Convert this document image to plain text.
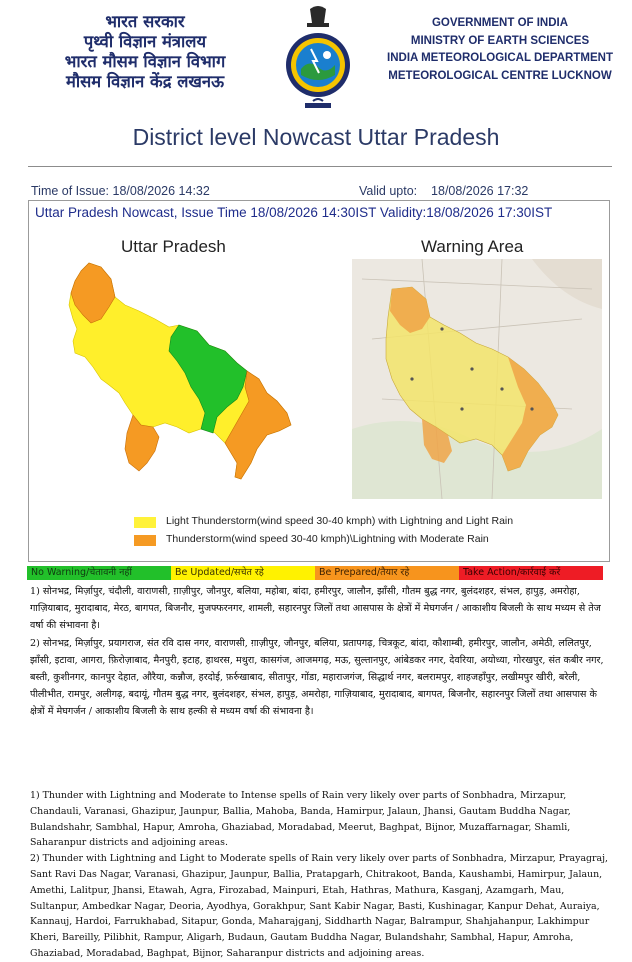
भारत सरकार
पृथ्वी विज्ञान मंत्रालय
भारत मौसम विज्ञान विभाग
मौसम विज्ञान केंद्र लखनऊ
GOVERNMENT OF INDIA
MINISTRY OF EARTH SCIENCES
INDIA METEOROLOGICAL DEPARTMENT
METEOROLOGICAL CENTRE LUCKNOW
District level Nowcast Uttar Pradesh
Time of Issue: 18/08/2026 14:32	Valid upto:    18/08/2026 17:32
Uttar Pradesh Nowcast, Issue Time 18/08/2026 14:30IST Validity:18/08/2026 17:30IST
Uttar Pradesh	Warning Area
Light Thunderstorm(wind speed 30-40 kmph) with Lightning and Light Rain
Thunderstorm(wind speed 30-40 kmph)\Lightning with Moderate Rain
No Warning/चेतावनी नहीं	Be Updated/सचेत रहे	Be Prepared/तैयार रहे	Take Action/कार्रवाई करें

1) सोनभद्र, मिर्ज़ापुर, चंदौली, वाराणसी, ग़ाज़ीपुर, जौनपुर, बलिया, महोबा, बांदा, हमीरपुर, जालौन, झाँसी, गौतम बुद्ध नगर, बुलंदशहर, संभल, हापुड़, अमरोहा, गाज़ियाबाद, मुरादाबाद, मेरठ, बागपत, बिजनौर, मुजफ्फरनगर, शामली, सहारनपुर जिलों तथा आसपास के क्षेत्रों में मेघगर्जन / आकाशीय बिजली के साथ मध्यम से तेज वर्षा की संभावना है।

2) सोनभद्र, मिर्ज़ापुर, प्रयागराज, संत रवि दास नगर, वाराणसी, ग़ाज़ीपुर, जौनपुर, बलिया, प्रतापगढ़, चित्रकूट, बांदा, कौशाम्बी, हमीरपुर, जालौन, अमेठी, ललितपुर, झाँसी, इटावा, आगरा, फ़िरोज़ाबाद, मैनपुरी, इटाह, हाथरस, मथुरा, कासगंज, आजमगढ़, मऊ, सुल्तानपुर, आंबेडकर नगर, देवरिया, अयोध्या, गोरखपुर, संत कबीर नगर, बस्ती, कुशीनगर, कानपुर देहात, औरैया, कन्नौज, हरदोई, फ़र्रुखाबाद, सीतापुर, गोंडा, महाराजगंज, सिद्धार्थ नगर, बलरामपुर, शाहजहाँपुर, लखीमपुर खीरी, बरेली, पीलीभीत, रामपुर, अलीगढ़, बदायूं, गौतम बुद्ध नगर, बुलंदशहर, संभल, हापुड़, अमरोहा, गाज़ियाबाद, मुरादाबाद, बागपत, बिजनौर, सहारनपुर जिलों तथा आसपास के क्षेत्रों में मेघगर्जन / आकाशीय बिजली के साथ हल्की से मध्यम वर्षा की संभावना है।

1) Thunder with Lightning and Moderate to Intense spells of Rain very likely over parts of Sonbhadra, Mirzapur, Chandauli, Varanasi, Ghazipur, Jaunpur, Ballia, Mahoba, Banda, Hamirpur, Jalaun, Jhansi, Gautam Buddha Nagar, Bulandshahr, Sambhal, Hapur, Amroha, Ghaziabad, Moradabad, Meerut, Baghpat, Bijnor, Muzaffarnagar, Shamli, Saharanpur districts and adjoining areas.

2) Thunder with Lightning and Light to Moderate spells of Rain very likely over parts of Sonbhadra, Mirzapur, Prayagraj, Sant Ravi Das Nagar, Varanasi, Ghazipur, Jaunpur, Ballia, Pratapgarh, Chitrakoot, Banda, Kaushambi, Hamirpur, Jalaun, Amethi, Lalitpur, Jhansi, Etawah, Agra, Firozabad, Mainpuri, Etah, Hathras, Mathura, Kasganj, Azamgarh, Mau, Sultanpur, Ambedkar Nagar, Deoria, Ayodhya, Gorakhpur, Sant Kabir Nagar, Basti, Kushinagar, Kanpur Dehat, Auraiya, Kannauj, Hardoi, Farrukhabad, Sitapur, Gonda, Maharajganj, Siddharth Nagar, Balrampur, Shahjahanpur, Lakhimpur Kheri, Bareilly, Pilibhit, Rampur, Aligarh, Budaun, Gautam Buddha Nagar, Bulandshahr, Sambhal, Hapur, Amroha, Ghaziabad, Moradabad, Baghpat, Bijnor, Saharanpur districts and adjoining areas.
